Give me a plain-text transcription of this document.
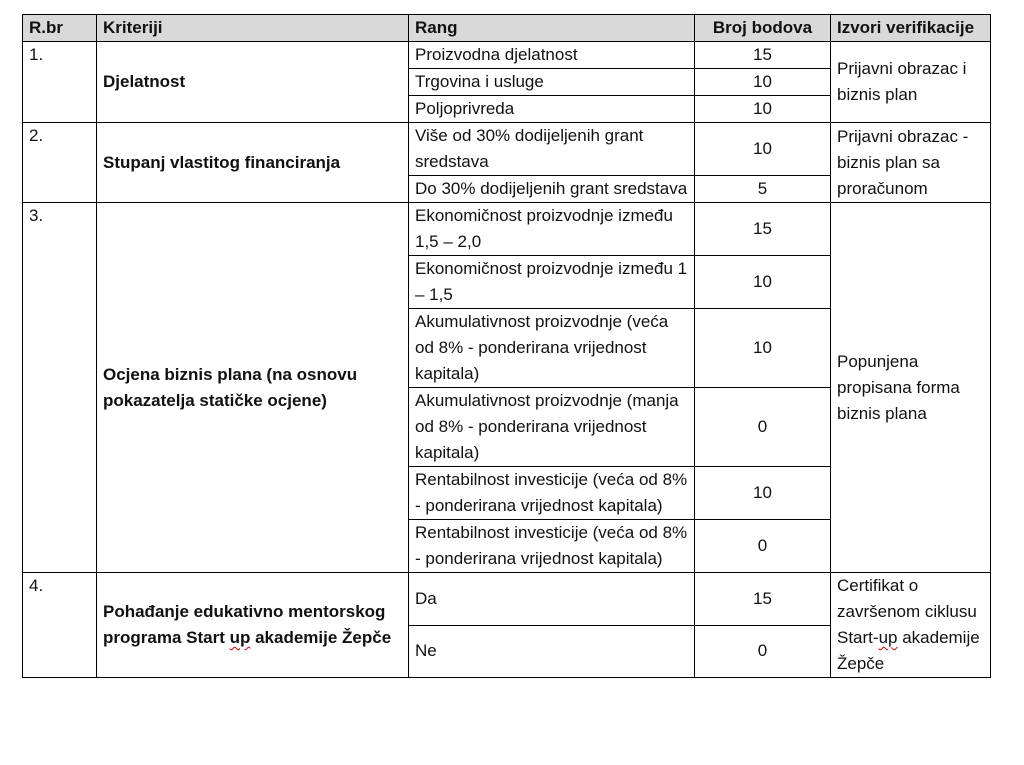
R.br	Kriteriji	Rang	Broj bodova	Izvori verifikacije
1.	Djelatnost	Proizvodna djelatnost	15	Prijavni obrazac i biznis plan
		Trgovina i usluge	10	
		Poljoprivreda	10	
2.	Stupanj vlastitog financiranja	Više od 30% dodijeljenih grant sredstava	10	Prijavni obrazac - biznis plan sa proračunom
		Do 30% dodijeljenih grant sredstava	5	
3.	Ocjena biznis plana (na osnovu pokazatelja statičke ocjene)	Ekonomičnost proizvodnje između 1,5 – 2,0	15	Popunjena propisana forma biznis plana
		Ekonomičnost proizvodnje između 1 – 1,5	10	
		Akumulativnost proizvodnje (veća od 8% - ponderirana vrijednost kapitala)	10	
		Akumulativnost proizvodnje (manja od 8% - ponderirana vrijednost kapitala)	0	
		Rentabilnost investicije (veća od 8% - ponderirana vrijednost kapitala)	10	
		Rentabilnost investicije (veća od 8% - ponderirana vrijednost kapitala)	0	
4.	Pohađanje edukativno mentorskog programa Start up akademije Žepče	Da	15	Certifikat o završenom ciklusu Start-up akademije Žepče
		Ne	0	
